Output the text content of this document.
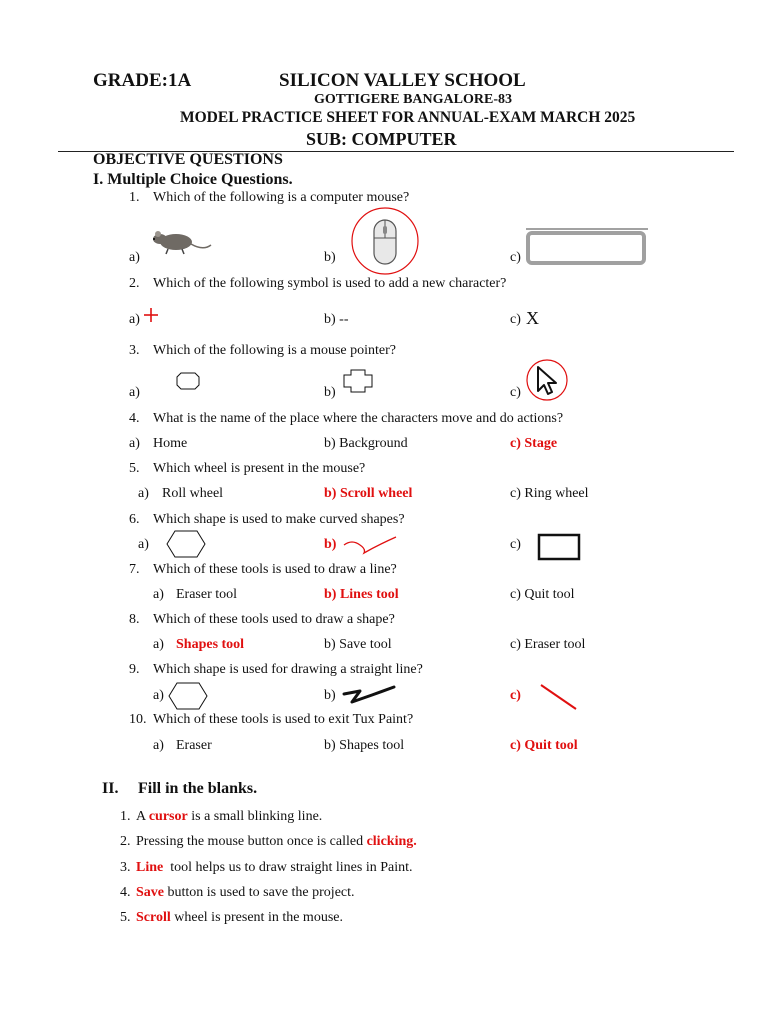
GRADE:1A	SILICON VALLEY SCHOOL
GOTTIGERE BANGALORE-83
MODEL PRACTICE SHEET FOR ANNUAL-EXAM MARCH 2025
SUB: COMPUTER
OBJECTIVE QUESTIONS
I. Multiple Choice Questions.
1. Which of the following is a computer mouse?
a)	b)	c)
2. Which of the following symbol is used to add a new character?
a)	b) --	c) X
3. Which of the following is a mouse pointer?
a)	b)	c)
4. What is the name of the place where the characters move and do actions?
a) Home	b) Background	c) Stage
5. Which wheel is present in the mouse?
a) Roll wheel	b) Scroll wheel	c) Ring wheel
6. Which shape is used to make curved shapes?
a)	b)	c)
7. Which of these tools is used to draw a line?
a) Eraser tool	b) Lines tool	c) Quit tool
8. Which of these tools used to draw a shape?
a) Shapes tool	b) Save tool	c) Eraser tool
9. Which shape is used for drawing a straight line?
a)	b)	c)
10. Which of these tools is used to exit Tux Paint?
a) Eraser	b) Shapes tool	c) Quit tool
II. Fill in the blanks.
1. A cursor is a small blinking line.
2. Pressing the mouse button once is called clicking.
3. Line  tool helps us to draw straight lines in Paint.
4. Save button is used to save the project.
5. Scroll wheel is present in the mouse.
